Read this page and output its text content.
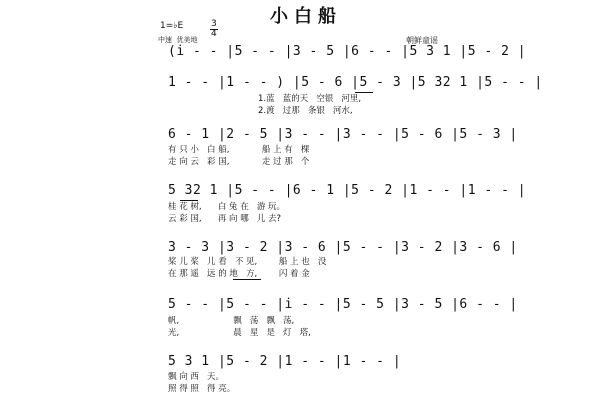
小白船
1=♭E	3
4
中速  优美地	朝鲜童谣
(i̇ - - |5 - - |3 - 5 |6 - - |5 3 1 |5 - 2 |
1 - - |1 - - ) |5 - 6 |5 - 3 |5 32 1 |5 - - |
1.蓝   蓝的天   空银   河里,
2.渡   过那   条银   河水,
6 - 1 |2 - 5 |3 - - |3 - - |5 - 6 |5 - 3 |
有 只 小   白 船,            船 上 有   棵
走 向 云   彩 国,            走 过 那   个
5 32 1 |5 - - |6 - 1 |5 - 2 |1 - - |1 - - |
桂 花 树,      白 兔 在   游 玩。
云 彩 国,      再 向 哪   儿 去?
3 - 3 |3 - 2 |3 - 6 |5 - - |3 - 2 |3 - 6 |
桨 儿 桨   儿 看   不 见,        船 上 也   没
在 那 遥   远 的 地   方,        闪 着 金
5 - - |5 - - |i̇ - - |5 - 5 |3 - 5 |6 - - |
帆,                    飘   荡   飘   荡,
光,                    晨   星   是   灯   塔,
5 3 1 |5 - 2 |1 - - |1 - - |
飘 向 西   天。
照 得 照   得 亮。
